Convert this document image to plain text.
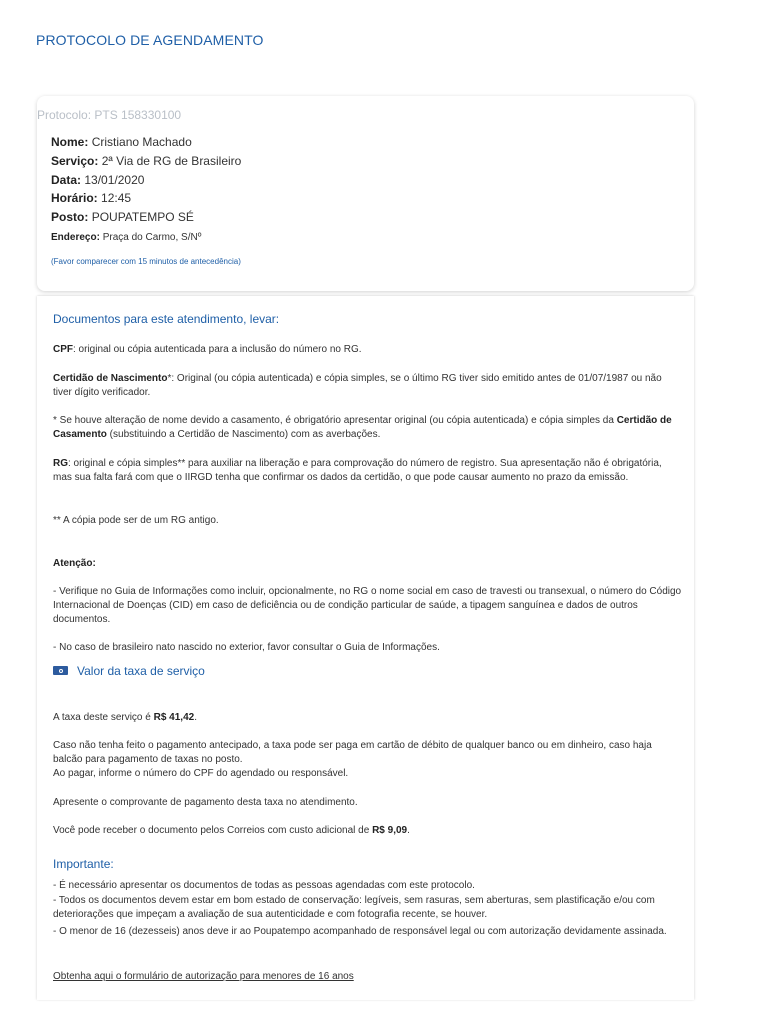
PROTOCOLO DE AGENDAMENTO
Protocolo: PTS 158330100
Nome: Cristiano Machado
Serviço: 2ª Via de RG de Brasileiro
Data: 13/01/2020
Horário: 12:45
Posto: POUPATEMPO SÉ
Endereço: Praça do Carmo, S/Nº
(Favor comparecer com 15 minutos de antecedência)
Documentos para este atendimento, levar:
CPF: original ou cópia autenticada para a inclusão do número no RG.
Certidão de Nascimento*: Original (ou cópia autenticada) e cópia simples, se o último RG tiver sido emitido antes de 01/07/1987 ou não tiver dígito verificador.
* Se houve alteração de nome devido a casamento, é obrigatório apresentar original (ou cópia autenticada) e cópia simples da Certidão de Casamento (substituindo a Certidão de Nascimento) com as averbações.
RG: original e cópia simples** para auxiliar na liberação e para comprovação do número de registro. Sua apresentação não é obrigatória, mas sua falta fará com que o IIRGD tenha que confirmar os dados da certidão, o que pode causar aumento no prazo da emissão.
** A cópia pode ser de um RG antigo.
Atenção:
- Verifique no Guia de Informações como incluir, opcionalmente, no RG o nome social em caso de travesti ou transexual, o número do Código Internacional de Doenças (CID) em caso de deficiência ou de condição particular de saúde, a tipagem sanguínea e dados de outros documentos.
- No caso de brasileiro nato nascido no exterior, favor consultar o Guia de Informações.
Valor da taxa de serviço
A taxa deste serviço é R$ 41,42.
Caso não tenha feito o pagamento antecipado, a taxa pode ser paga em cartão de débito de qualquer banco ou em dinheiro, caso haja balcão para pagamento de taxas no posto.
Ao pagar, informe o número do CPF do agendado ou responsável.
Apresente o comprovante de pagamento desta taxa no atendimento.
Você pode receber o documento pelos Correios com custo adicional de R$ 9,09.
Importante:
- É necessário apresentar os documentos de todas as pessoas agendadas com este protocolo.
- Todos os documentos devem estar em bom estado de conservação: legíveis, sem rasuras, sem aberturas, sem plastificação e/ou com deteriorações que impeçam a avaliação de sua autenticidade e com fotografia recente, se houver.
- O menor de 16 (dezesseis) anos deve ir ao Poupatempo acompanhado de responsável legal ou com autorização devidamente assinada.
Obtenha aqui o formulário de autorização para menores de 16 anos
